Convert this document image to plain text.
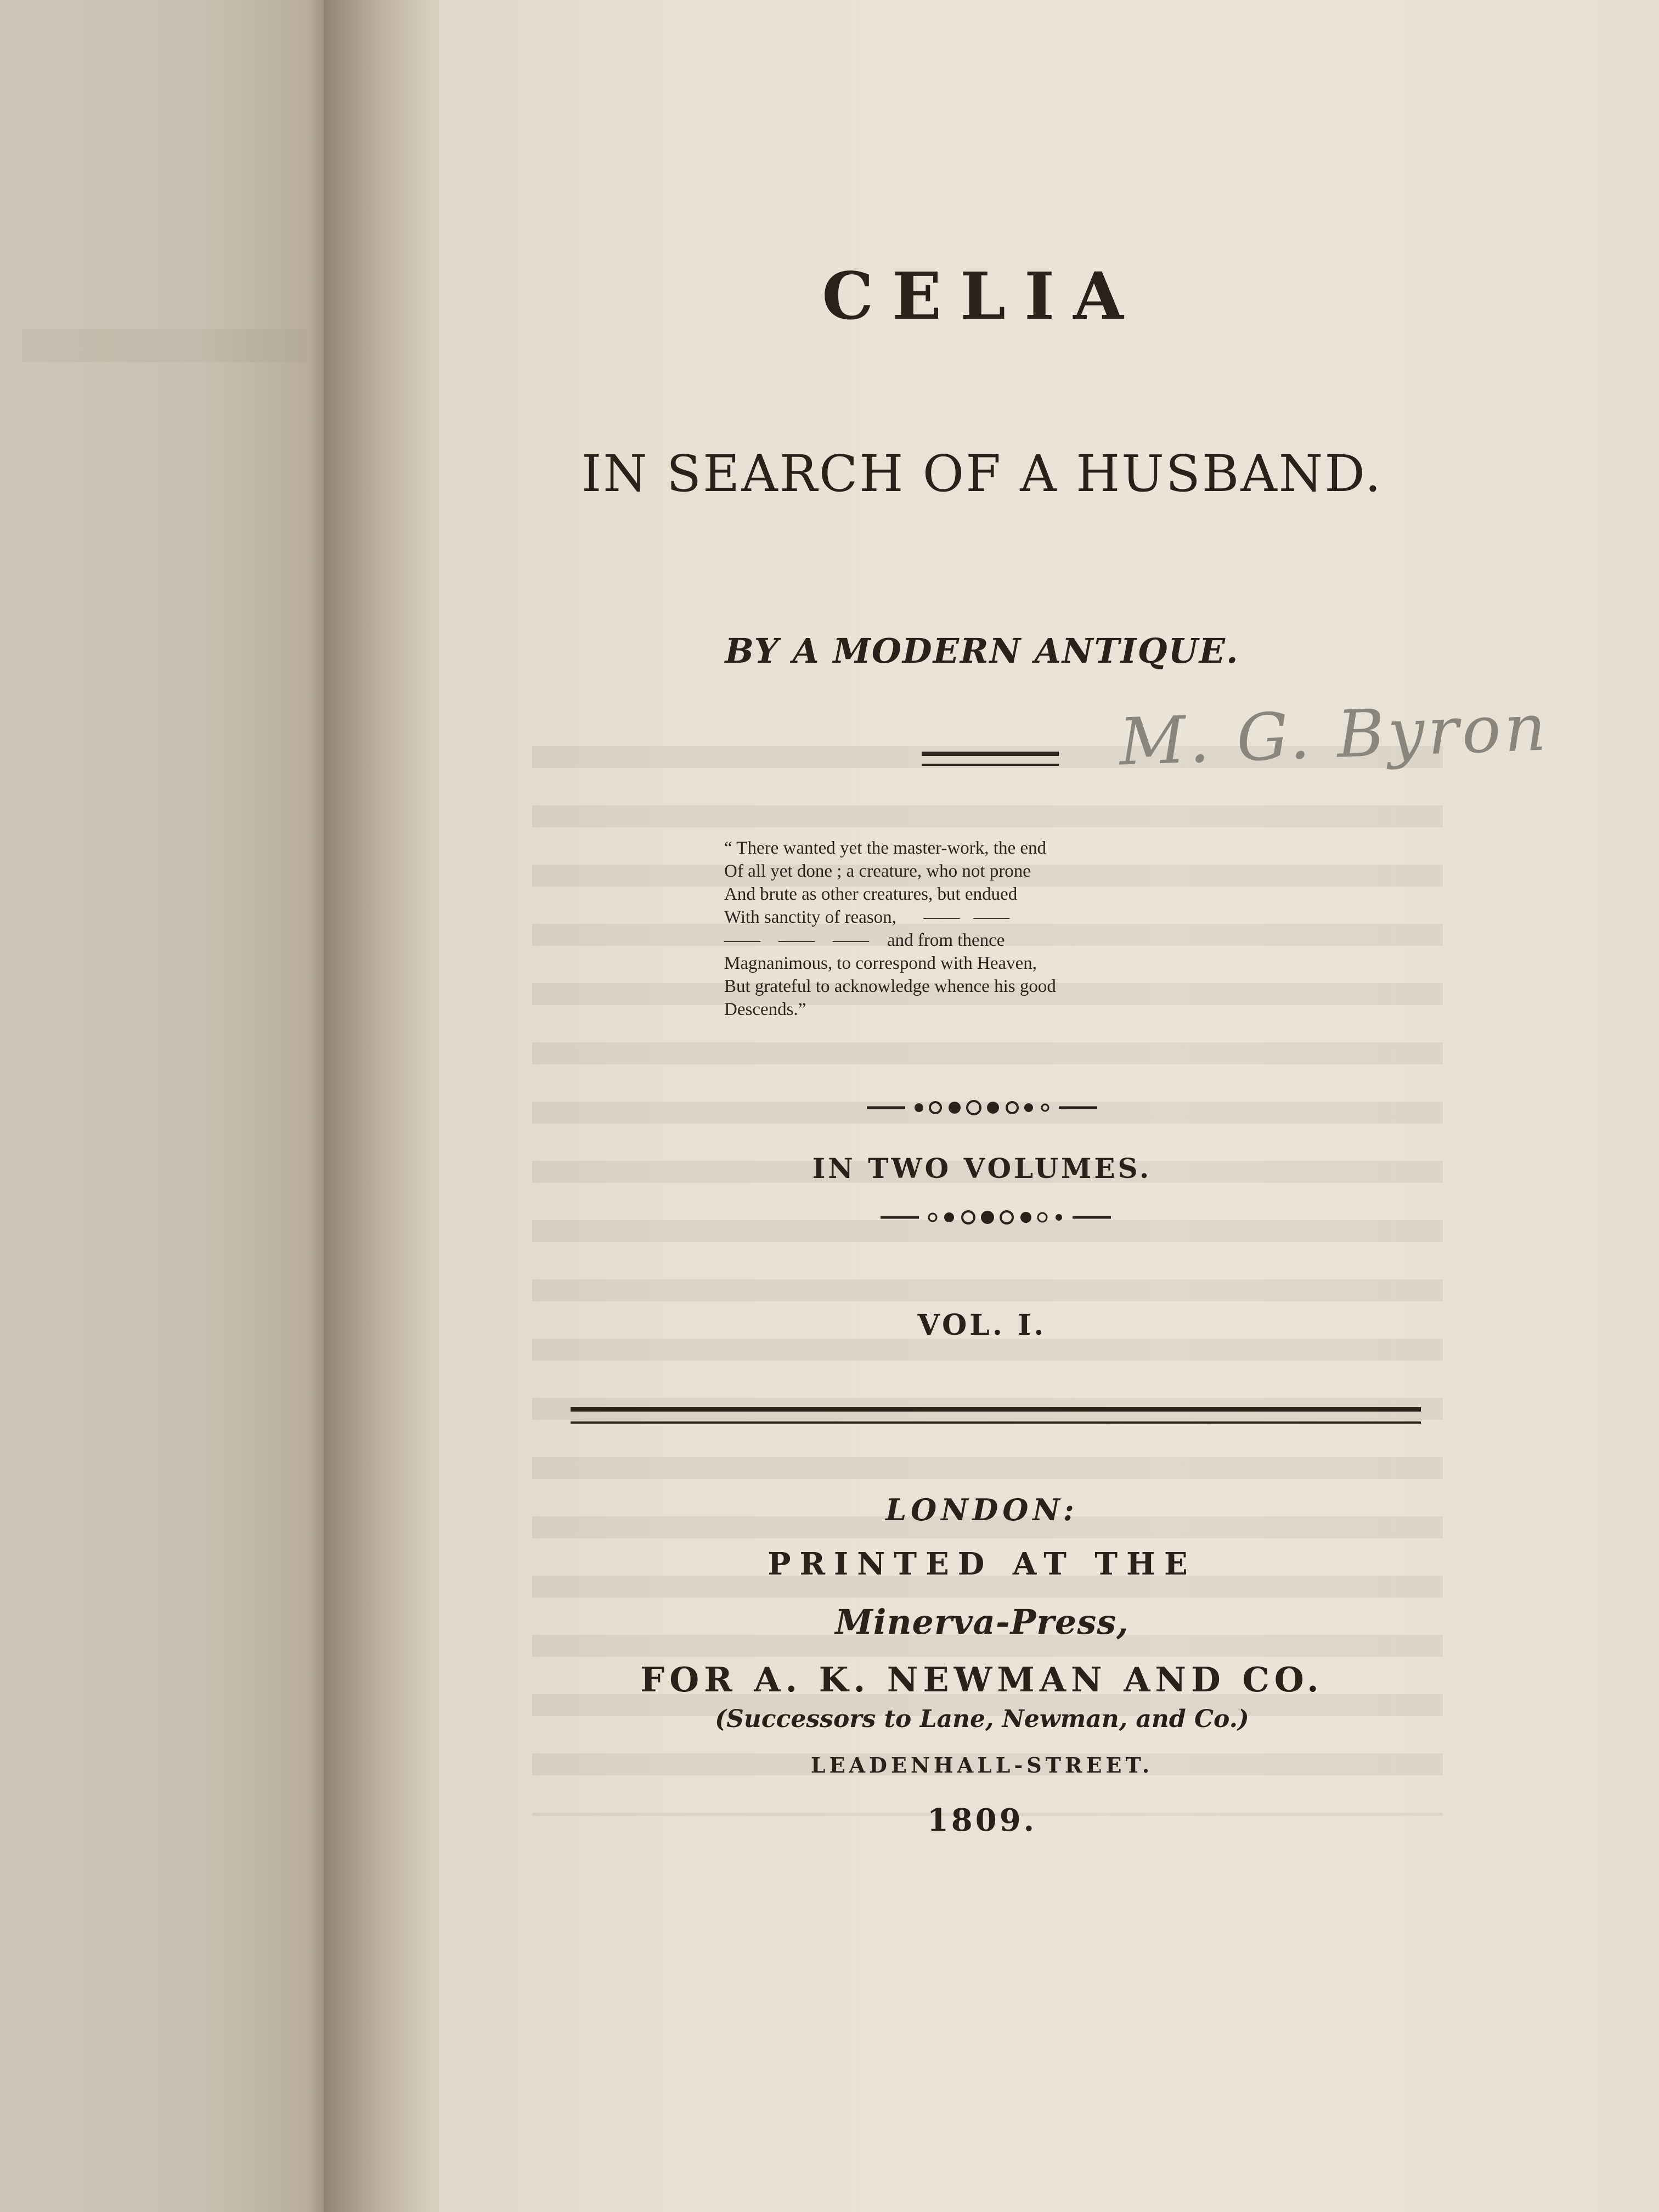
CELIA
IN SEARCH OF A HUSBAND.
BY A MODERN ANTIQUE.
M. G. Byron
“ There wanted yet the master-work, the end
Of all yet done ; a creature, who not prone
And brute as other creatures, but endued
With sanctity of reason,      ——   ——
——    ——    ——    and from thence
Magnanimous, to correspond with Heaven,
But grateful to acknowledge whence his good
Descends.”
IN TWO VOLUMES.
VOL. I.
LONDON:
PRINTED AT THE
Minerva-Press,
FOR A. K. NEWMAN AND CO.
(Successors to Lane, Newman, and Co.)
LEADENHALL-STREET.
1809.
